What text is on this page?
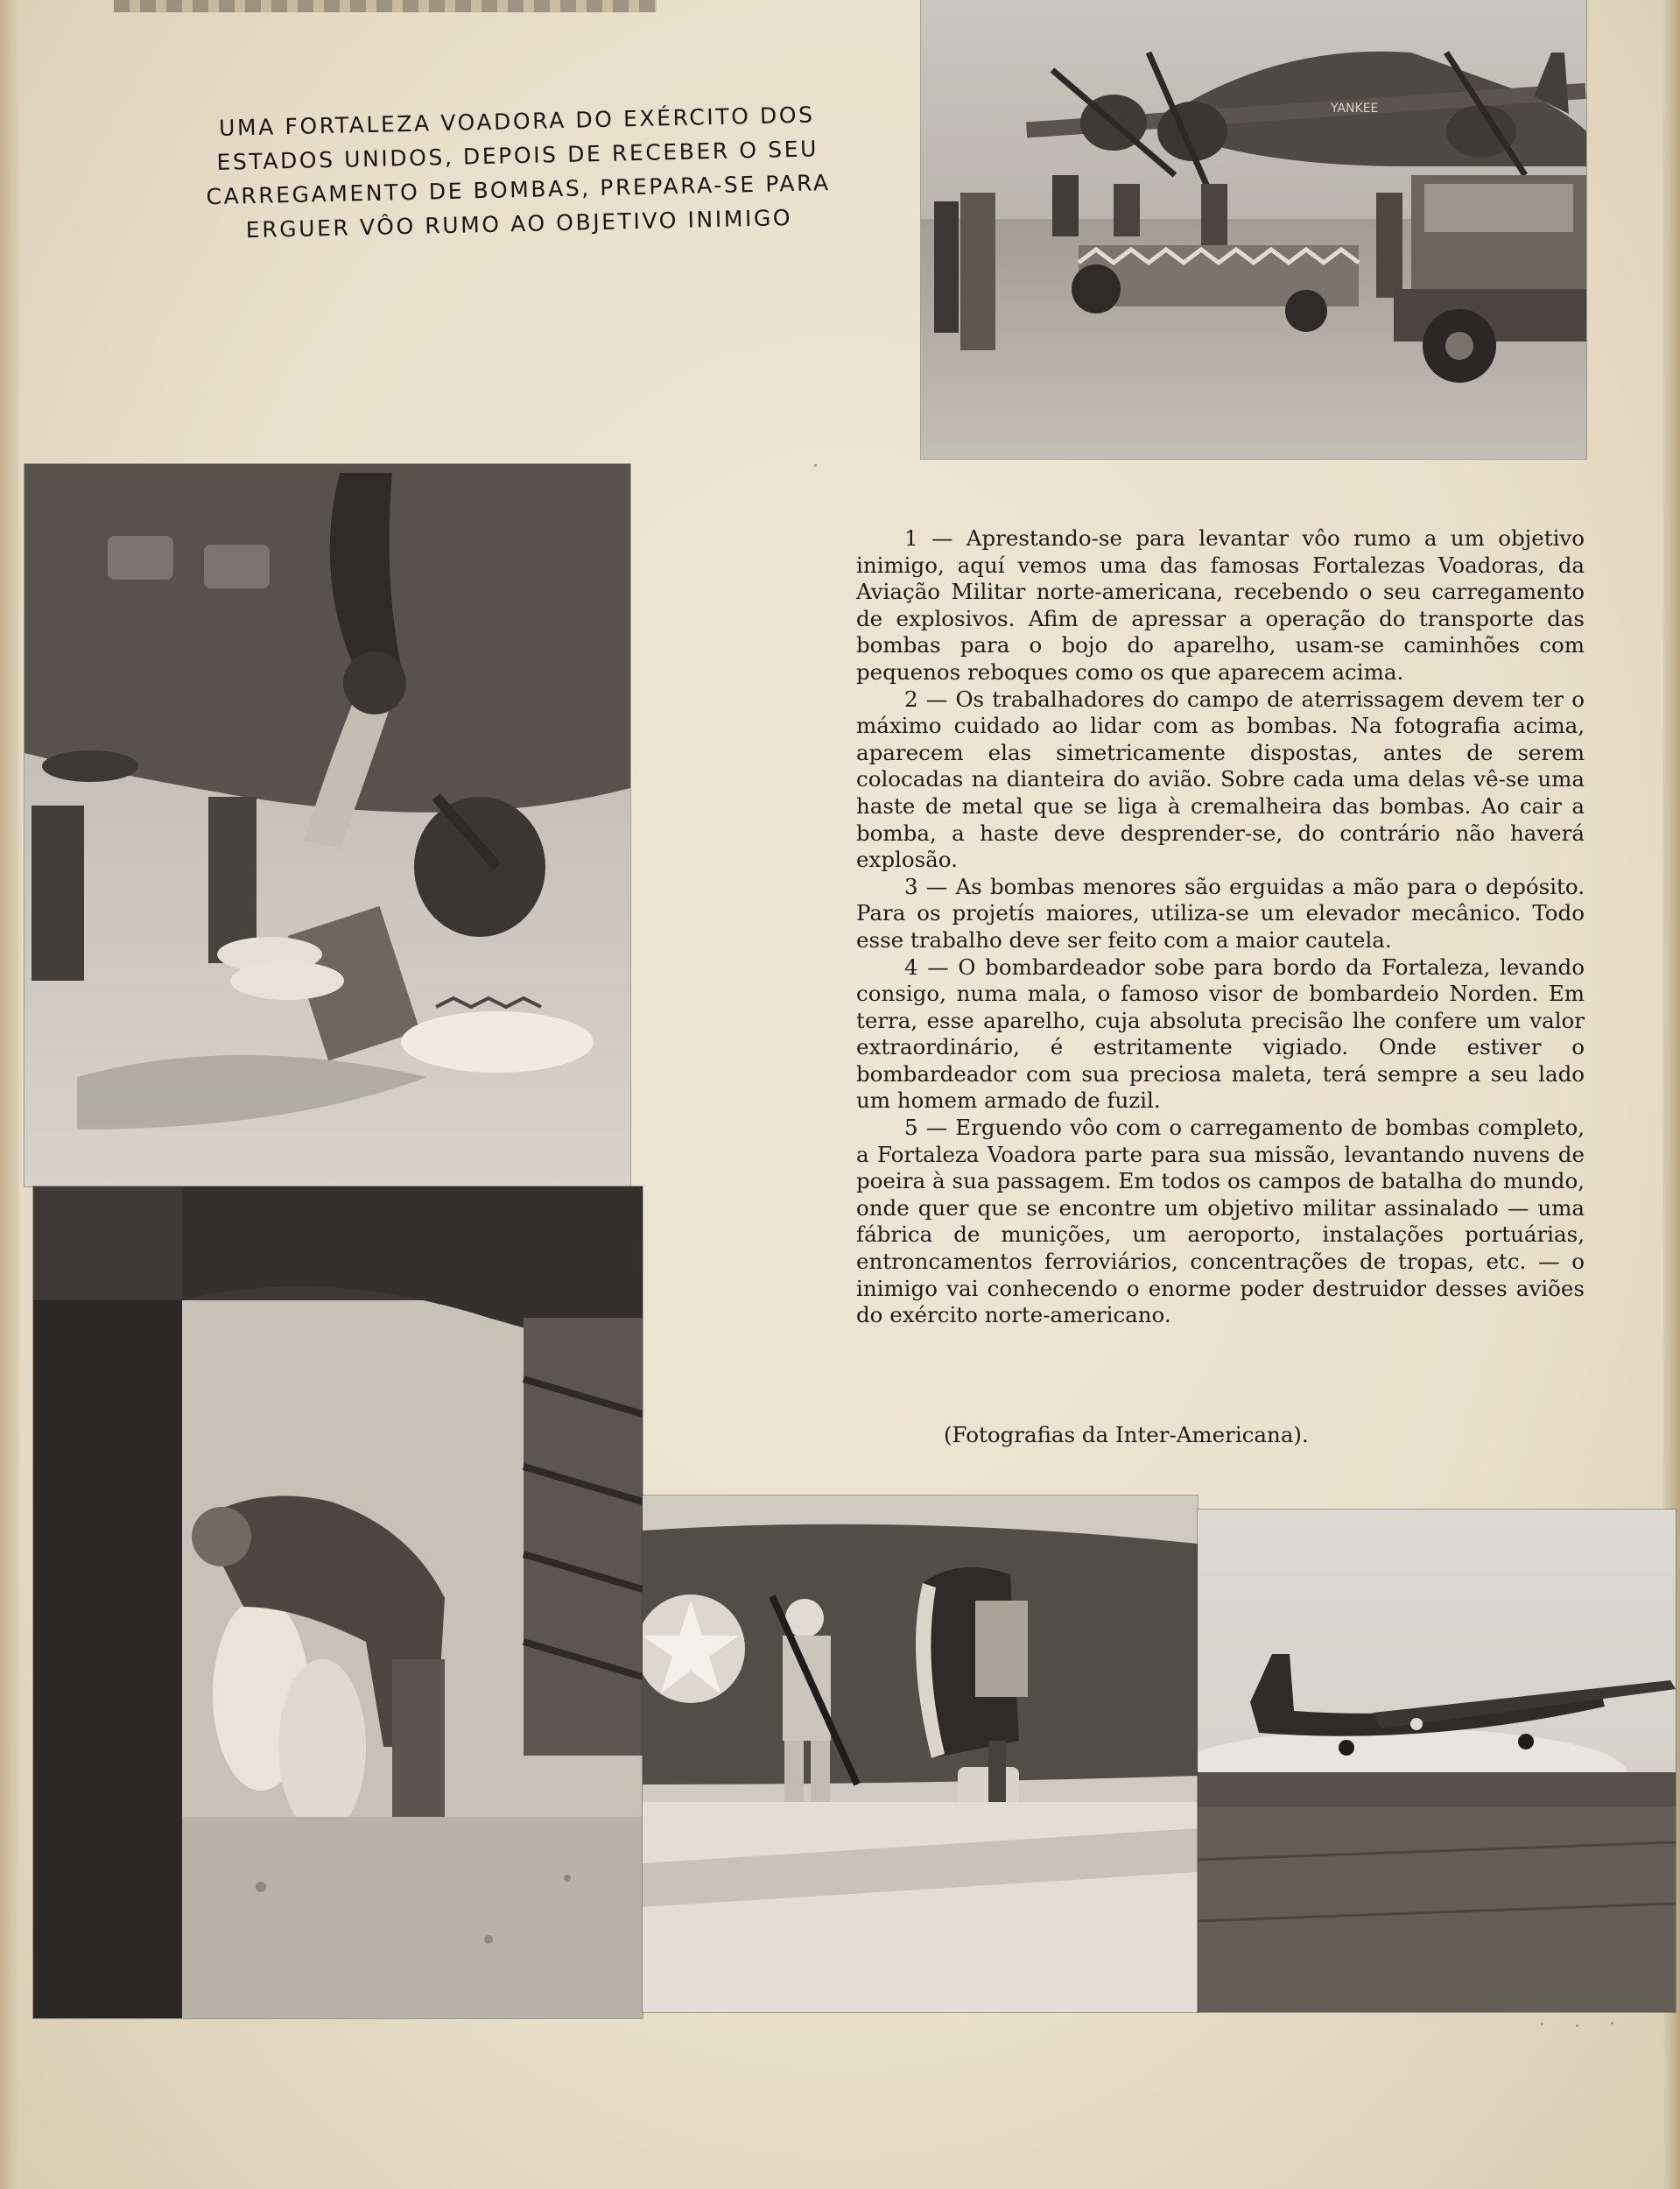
UMA FORTALEZA VOADORA DO EXÉRCITO DOS
ESTADOS UNIDOS, DEPOIS DE RECEBER O SEU
CARREGAMENTO DE BOMBAS, PREPARA-SE PARA
ERGUER VÔO RUMO AO OBJETIVO INIMIGO
YANKEE

1 — Aprestando-se para levantar vôo rumo a um objetivo inimigo, aquí vemos uma das famosas Fortalezas Voadoras, da Aviação Militar norte-americana, recebendo o seu carregamento de explosivos. Afim de apressar a operação do transporte das bombas para o bojo do aparelho, usam-se caminhões com pequenos reboques como os que aparecem acima.

2 — Os trabalhadores do campo de aterrissagem devem ter o máximo cuidado ao lidar com as bombas. Na fotografia acima, aparecem elas simetricamente dispostas, antes de serem colocadas na dianteira do avião. Sobre cada uma delas vê-se uma haste de metal que se liga à cremalheira das bombas. Ao cair a bomba, a haste deve desprender-se, do contrário não haverá explosão.

3 — As bombas menores são erguidas a mão para o depósito. Para os projetís maiores, utiliza-se um elevador mecânico. Todo esse trabalho deve ser feito com a maior cautela.

4 — O bombardeador sobe para bordo da Fortaleza, levando consigo, numa mala, o famoso visor de bombardeio Norden. Em terra, esse aparelho, cuja absoluta precisão lhe confere um valor extraordinário, é estritamente vigiado. Onde estiver o bombardeador com sua preciosa maleta, terá sempre a seu lado um homem armado de fuzil.

5 — Erguendo vôo com o carregamento de bombas completo, a Fortaleza Voadora parte para sua missão, levantando nuvens de poeira à sua passagem. Em todos os campos de batalha do mundo, onde quer que se encontre um objetivo militar assinalado — uma fábrica de munições, um aeroporto, instalações portuárias, entroncamentos ferroviários, concentrações de tropas, etc. — o inimigo vai conhecendo o enorme poder destruidor desses aviões do exército norte-americano.

(Fotografias da Inter-Americana).
